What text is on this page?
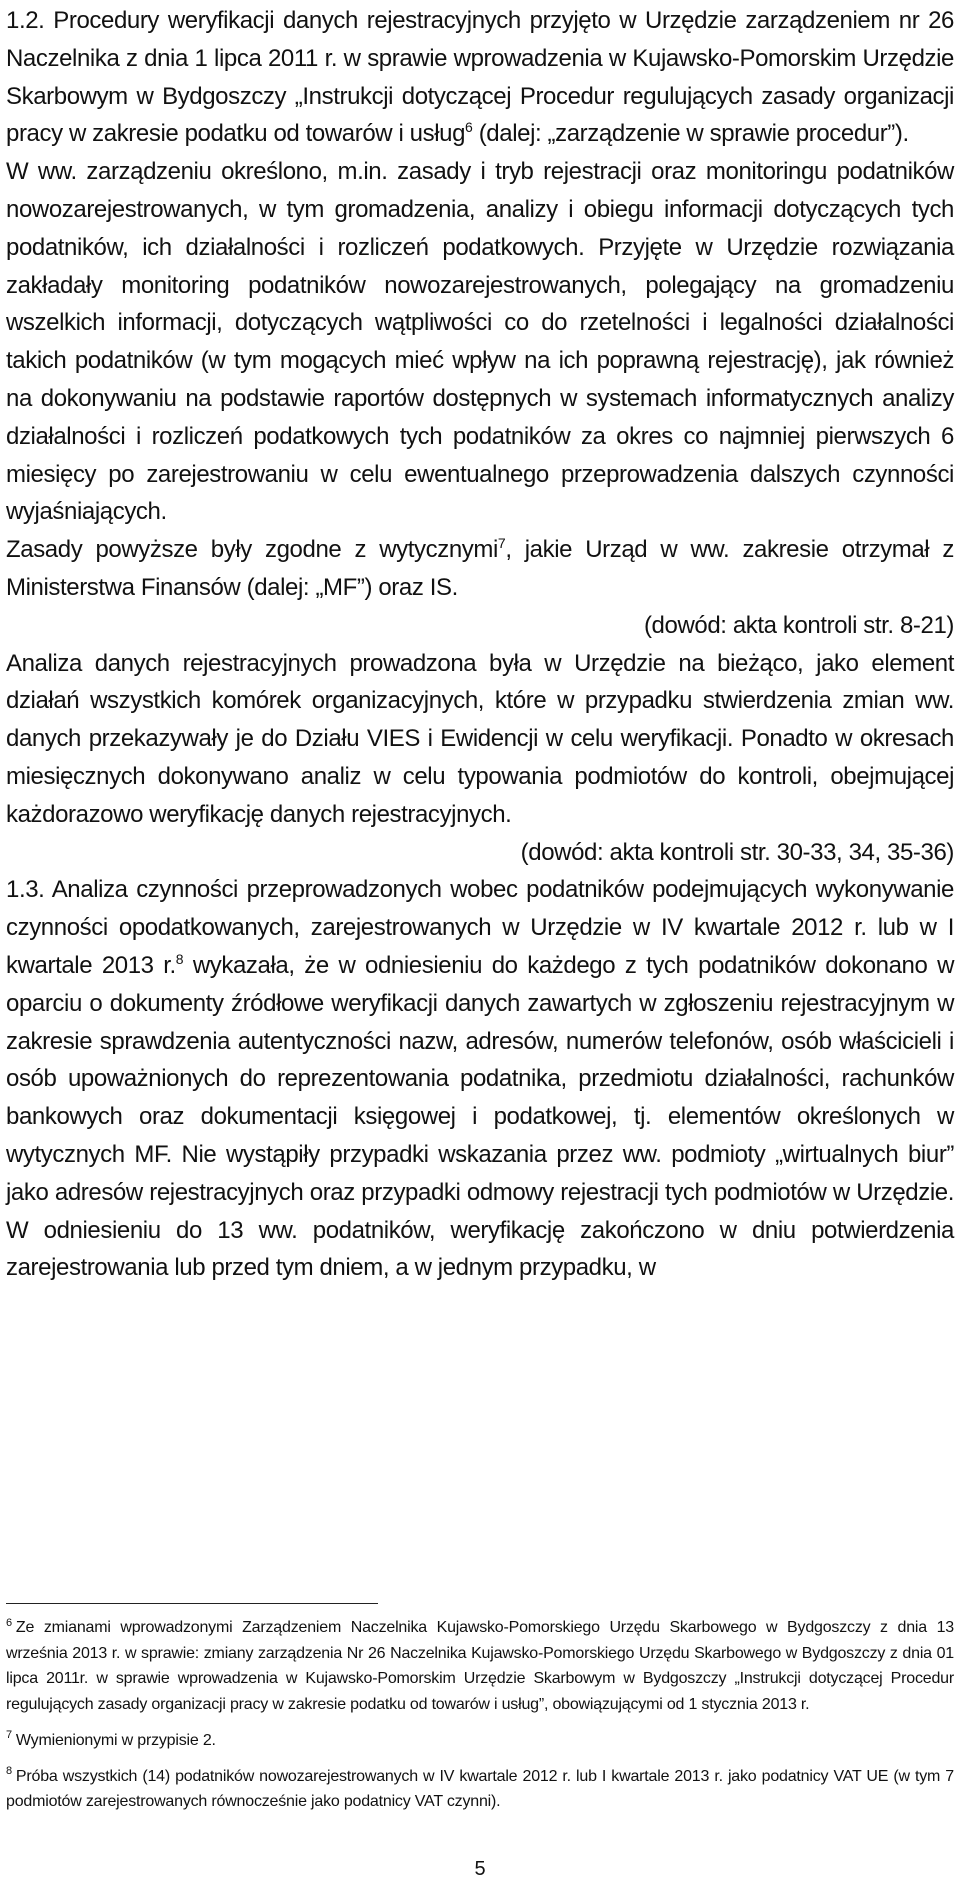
1.2. Procedury weryfikacji danych rejestracyjnych przyjęto w Urzędzie zarządzeniem nr 26 Naczelnika z dnia 1 lipca 2011 r. w sprawie wprowadzenia w Kujawsko-Pomorskim Urzędzie Skarbowym w Bydgoszczy „Instrukcji dotyczącej Procedur regulujących zasady organizacji pracy w zakresie podatku od towarów i usług$^6$ (dalej: „zarządzenie w sprawie procedur”).

W ww. zarządzeniu określono, m.in. zasady i tryb rejestracji oraz monitoringu podatników nowozarejestrowanych, w tym gromadzenia, analizy i obiegu informacji dotyczących tych podatników, ich działalności i rozliczeń podatkowych. Przyjęte w Urzędzie rozwiązania zakładały monitoring podatników nowozarejestrowanych, polegający na gromadzeniu wszelkich informacji, dotyczących wątpliwości co do rzetelności i legalności działalności takich podatników (w tym mogących mieć wpływ na ich poprawną rejestrację), jak również na dokonywaniu na podstawie raportów dostępnych w systemach informatycznych analizy działalności i rozliczeń podatkowych tych podatników za okres co najmniej pierwszych 6 miesięcy po zarejestrowaniu w celu ewentualnego przeprowadzenia dalszych czynności wyjaśniających.

Zasady powyższe były zgodne z wytycznymi$^7$, jakie Urząd w ww. zakresie otrzymał z Ministerstwa Finansów (dalej: „MF”) oraz IS.

(dowód: akta kontroli str. 8-21)

Analiza danych rejestracyjnych prowadzona była w Urzędzie na bieżąco, jako element działań wszystkich komórek organizacyjnych, które w przypadku stwierdzenia zmian ww. danych przekazywały je do Działu VIES i Ewidencji w celu weryfikacji. Ponadto w okresach miesięcznych dokonywano analiz w celu typowania podmiotów do kontroli, obejmującej każdorazowo weryfikację danych rejestracyjnych.

(dowód: akta kontroli str. 30-33, 34, 35-36)

1.3. Analiza czynności przeprowadzonych wobec podatników podejmujących wykonywanie czynności opodatkowanych, zarejestrowanych w Urzędzie w IV kwartale 2012 r. lub w I kwartale 2013 r.$^8$ wykazała, że w odniesieniu do każdego z tych podatników dokonano w oparciu o dokumenty źródłowe weryfikacji danych zawartych w zgłoszeniu rejestracyjnym w zakresie sprawdzenia autentyczności nazw, adresów, numerów telefonów, osób właścicieli i osób upoważnionych do reprezentowania podatnika, przedmiotu działalności, rachunków bankowych oraz dokumentacji księgowej i podatkowej, tj. elementów określonych w wytycznych MF. Nie wystąpiły przypadki wskazania przez ww. podmioty „wirtualnych biur” jako adresów rejestracyjnych oraz przypadki odmowy rejestracji tych podmiotów w Urzędzie. W odniesieniu do 13 ww. podatników, weryfikację zakończono w dniu potwierdzenia zarejestrowania lub przed tym dniem, a w jednym przypadku, w

$^6$ Ze zmianami wprowadzonymi Zarządzeniem Naczelnika Kujawsko-Pomorskiego Urzędu Skarbowego w Bydgoszczy z dnia 13 września 2013 r. w sprawie: zmiany zarządzenia Nr 26 Naczelnika Kujawsko-Pomorskiego Urzędu Skarbowego w Bydgoszczy z dnia 01 lipca 2011r. w sprawie wprowadzenia w Kujawsko-Pomorskim Urzędzie Skarbowym w Bydgoszczy „Instrukcji dotyczącej Procedur regulujących zasady organizacji pracy w zakresie podatku od towarów i usług”, obowiązującymi od 1 stycznia 2013 r.

$^7$ Wymienionymi w przypisie 2.

$^8$ Próba wszystkich (14) podatników nowozarejestrowanych w IV kwartale 2012 r. lub I kwartale 2013 r. jako podatnicy VAT UE (w tym 7 podmiotów zarejestrowanych równocześnie jako podatnicy VAT czynni).

5
